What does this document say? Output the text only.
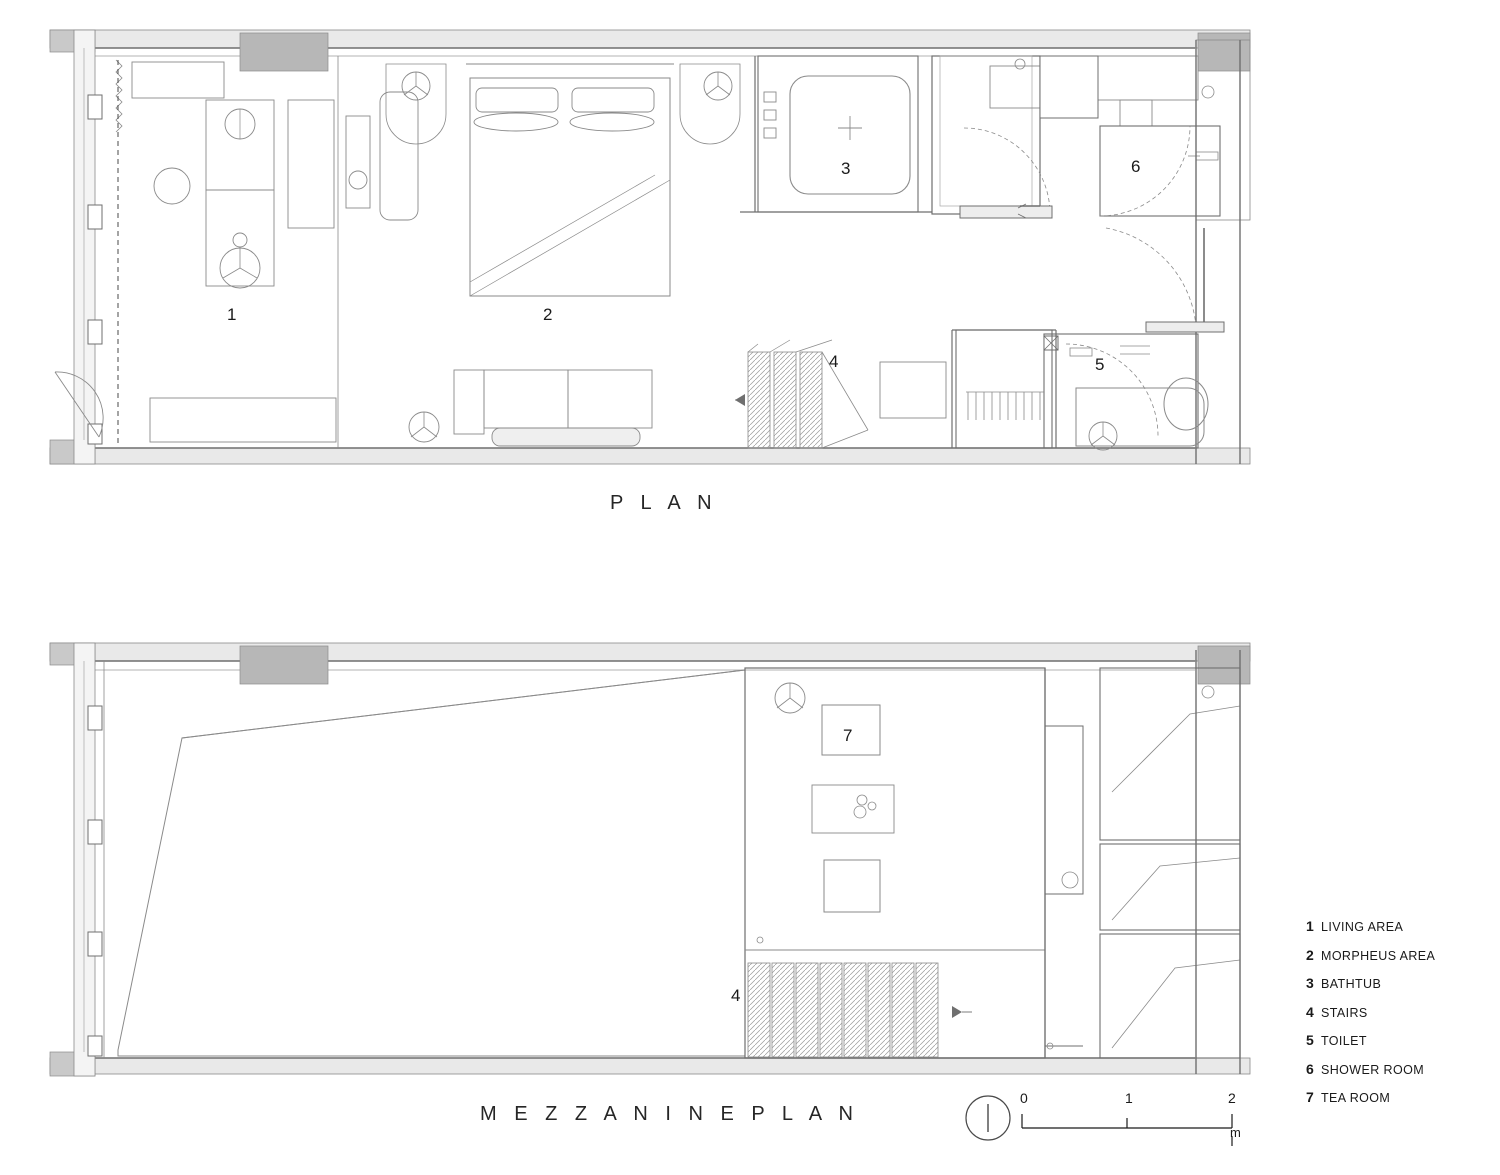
P L A N
M E Z Z A N I N E P L A N
1	2
3
4	5
6
7
4
1 LIVING AREA
2 MORPHEUS AREA
3 BATHTUB
4 STAIRS
5 TOILET
6 SHOWER ROOM
7 TEA ROOM
0	1	2
m
